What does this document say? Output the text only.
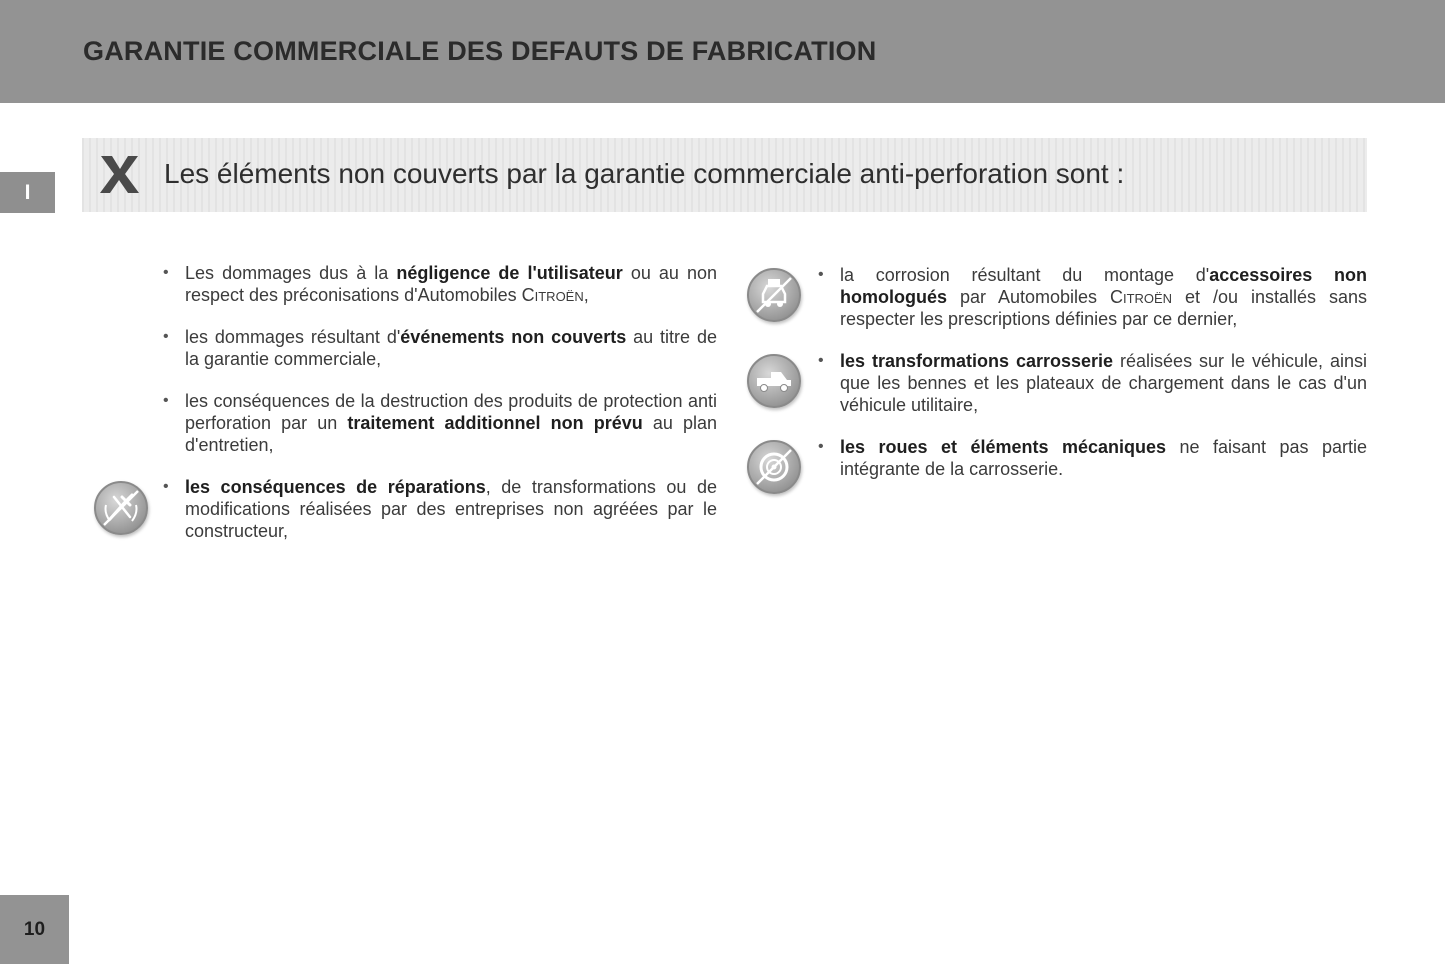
GARANTIE COMMERCIALE DES DEFAUTS DE FABRICATION
I
Les éléments non couverts par la garantie commerciale anti-perforation sont :
• Les dommages dus à la négligence de l'utilisateur ou au non respect des préconisations d'Automobiles Citroën,
• les dommages résultant d'événements non couverts au titre de la garantie commerciale,
• les conséquences de la destruction des produits de protection anti perforation par un traitement additionnel non prévu au plan d'entretien,
• les conséquences de réparations, de transformations ou de modifications réalisées par des entreprises non agréées par le constructeur,
• la corrosion résultant du montage d'accessoires non homologués par Automobiles Citroën et /ou installés sans respecter les prescriptions définies par ce dernier,
• les transformations carrosserie réalisées sur le véhicule, ainsi que les bennes et les plateaux de chargement dans le cas d'un véhicule utilitaire,
• les roues et éléments mécaniques ne faisant pas partie intégrante de la carrosserie.
10
